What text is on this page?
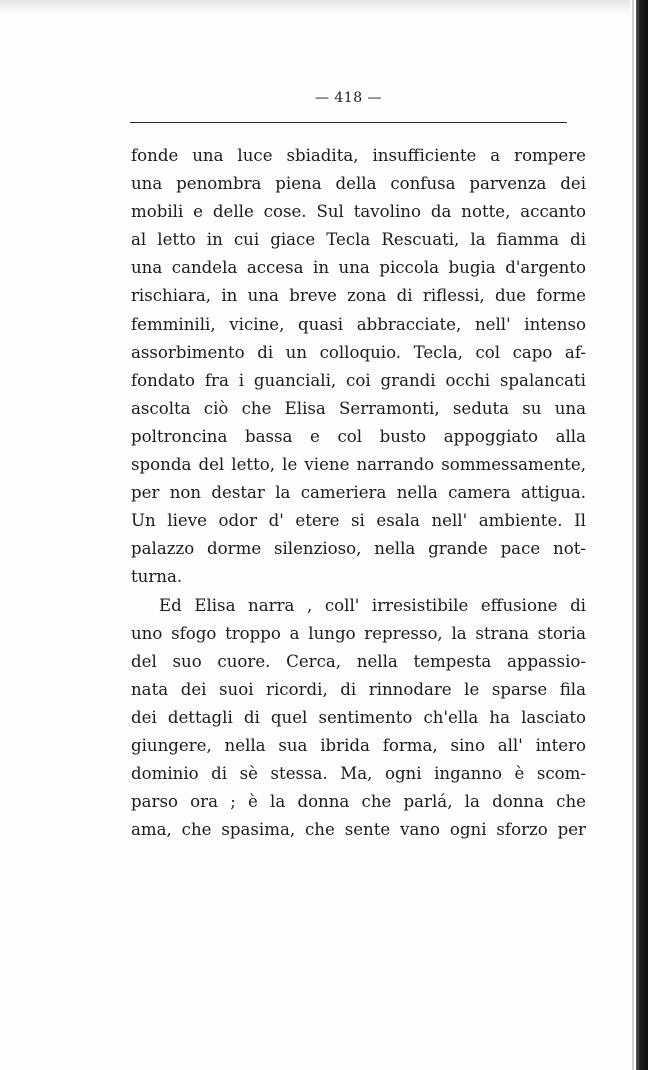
— 418 —
fonde una luce sbiadita, insufficiente a rompere
una penombra piena della confusa parvenza dei
mobili e delle cose. Sul tavolino da notte, accanto
al letto in cui giace Tecla Rescuati, la fiamma di
una candela accesa in una piccola bugia d'argento
rischiara, in una breve zona di riflessi, due forme
femminili, vicine, quasi abbracciate, nell' intenso
assorbimento di un colloquio. Tecla, col capo af-
fondato fra i guanciali, coi grandi occhi spalancati
ascolta ciò che Elisa Serramonti, seduta su una
poltroncina bassa e col busto appoggiato alla
sponda del letto, le viene narrando sommessamente,
per non destar la cameriera nella camera attigua.
Un lieve odor d' etere si esala nell' ambiente. Il
palazzo dorme silenzioso, nella grande pace not-
turna.
Ed Elisa narra , coll' irresistibile effusione di
uno sfogo troppo a lungo represso, la strana storia
del suo cuore. Cerca, nella tempesta appassio-
nata dei suoi ricordi, di rinnodare le sparse fila
dei dettagli di quel sentimento ch'ella ha lasciato
giungere, nella sua ibrida forma, sino all' intero
dominio di sè stessa. Ma, ogni inganno è scom-
parso ora ; è la donna che parlá, la donna che
ama, che spasima, che sente vano ogni sforzo per
